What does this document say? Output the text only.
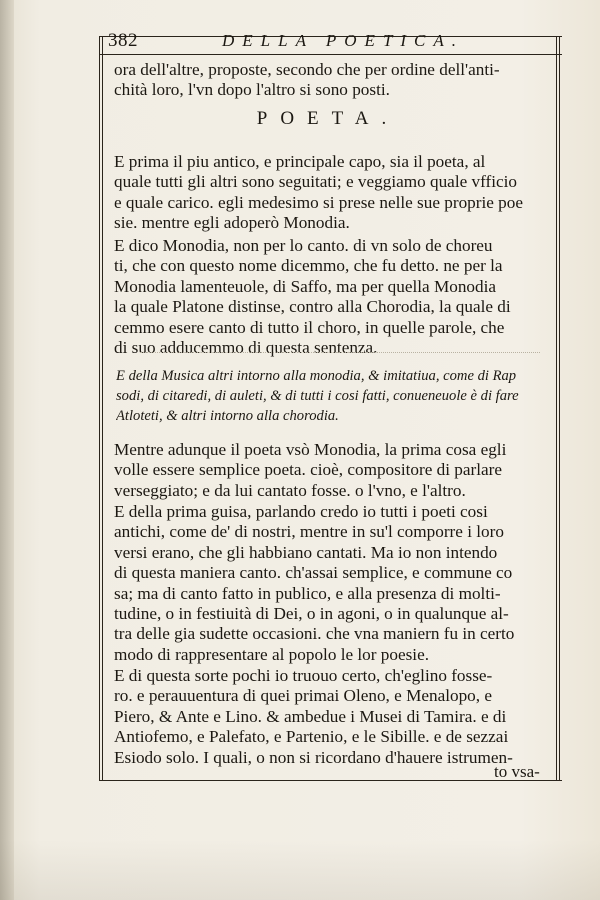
382	DELLA POETICA.
ora dell'altre, proposte, secondo che per ordine dell'anti-
chità loro, l'vn dopo l'altro si sono posti.
POETA.
E prima il piu antico, e principale capo, sia il poeta, al
quale tutti gli altri sono seguitati; e veggiamo quale vfficio
e quale carico. egli medesimo si prese nelle sue proprie poe
sie. mentre egli adoperò Monodia.
E dico Monodia, non per lo canto. di vn solo de choreu
ti, che con questo nome dicemmo, che fu detto. ne per la
Monodia lamenteuole, di Saffo, ma per quella Monodia
la quale Platone distinse, contro alla Chorodia, la quale di
cemmo esere canto di tutto il choro, in quelle parole, che
di suo adducemmo di questa sentenza.
E della Musica altri intorno alla monodia, & imitatiua, come di Rap
sodi, di citaredi, di auleti, & di tutti i cosi fatti, conueneuole è di fare
Atloteti, & altri intorno alla chorodia.
Mentre adunque il poeta vsò Monodia, la prima cosa egli
volle essere semplice poeta. cioè, compositore di parlare
verseggiato; e da lui cantato fosse. o l'vno, e l'altro.
E della prima guisa, parlando credo io tutti i poeti cosi
antichi, come de' di nostri, mentre in su'l comporre i loro
versi erano, che gli habbiano cantati. Ma io non intendo
di questa maniera canto. ch'assai semplice, e commune co
sa; ma di canto fatto in publico, e alla presenza di molti-
tudine, o in festiuità di Dei, o in agoni, o in qualunque al-
tra delle gia sudette occasioni. che vna maniern fu in certo
modo di rappresentare al popolo le lor poesie.
E di questa sorte pochi io truouo certo, ch'eglino fosse-
ro. e perauuentura di quei primai Oleno, e Menalopo, e
Piero, & Ante e Lino. & ambedue i Musei di Tamira. e di
Antiofemo, e Palefato, e Partenio, e le Sibille. e de sezzai
Esiodo solo. I quali, o non si ricordano d'hauere istrumen-
to vsa-
